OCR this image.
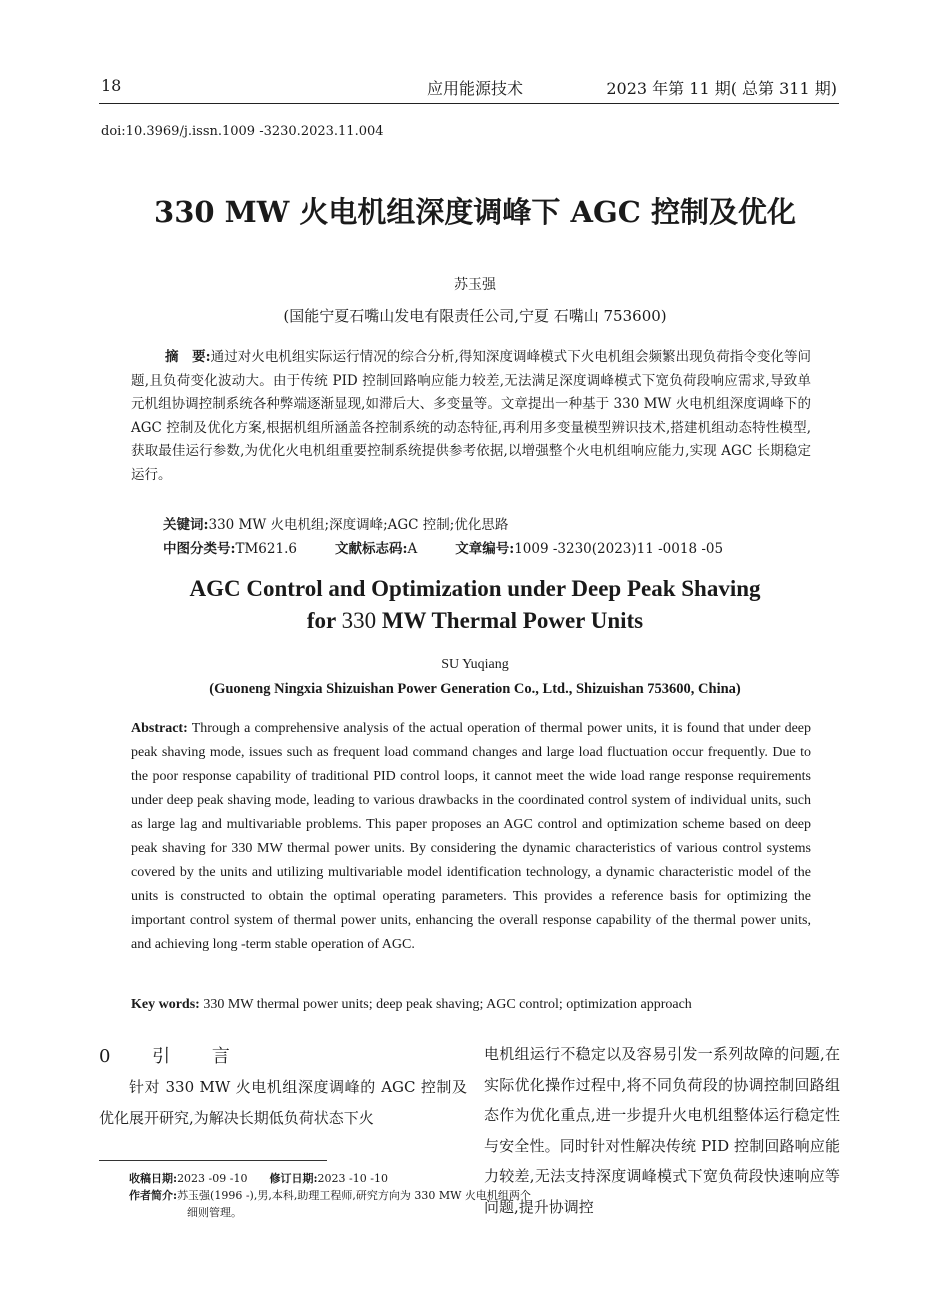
18	应用能源技术	2023 年第 11 期( 总第 311 期)
doi:10.3969/j.issn.1009 -3230.2023.11.004
330 MW 火电机组深度调峰下 AGC 控制及优化
苏玉强
(国能宁夏石嘴山发电有限责任公司,宁夏 石嘴山 753600)
摘　要:通过对火电机组实际运行情况的综合分析,得知深度调峰模式下火电机组会频繁出现负荷指令变化等问题,且负荷变化波动大。由于传统 PID 控制回路响应能力较差,无法满足深度调峰模式下宽负荷段响应需求,导致单元机组协调控制系统各种弊端逐渐显现,如滞后大、多变量等。文章提出一种基于 330 MW 火电机组深度调峰下的 AGC 控制及优化方案,根据机组所涵盖各控制系统的动态特征,再利用多变量模型辨识技术,搭建机组动态特性模型,获取最佳运行参数,为优化火电机组重要控制系统提供参考依据,以增强整个火电机组响应能力,实现 AGC 长期稳定运行。
关键词:330 MW 火电机组;深度调峰;AGC 控制;优化思路
中图分类号:TM621.6	文献标志码:A	文章编号:1009 -3230(2023)11 -0018 -05
AGC Control and Optimization under Deep Peak Shaving
for 330 MW Thermal Power Units
SU Yuqiang
(Guoneng Ningxia Shizuishan Power Generation Co., Ltd., Shizuishan 753600, China)
Abstract: Through a comprehensive analysis of the actual operation of thermal power units, it is found that under deep peak shaving mode, issues such as frequent load command changes and large load fluctuation occur frequently. Due to the poor response capability of traditional PID control loops, it cannot meet the wide load range response requirements under deep peak shaving mode, leading to various drawbacks in the coordinated control system of individual units, such as large lag and multivariable problems. This paper proposes an AGC control and optimization scheme based on deep peak shaving for 330 MW thermal power units. By considering the dynamic characteristics of various control systems covered by the units and utilizing multivariable model identification technology, a dynamic characteristic model of the units is constructed to obtain the optimal operating parameters. This provides a reference basis for optimizing the important control system of thermal power units, enhancing the overall response capability of the thermal power units, and achieving long -term stable operation of AGC.
Key words: 330 MW thermal power units; deep peak shaving; AGC control; optimization approach
0 引 言
针对 330 MW 火电机组深度调峰的 AGC 控制及优化展开研究,为解决长期低负荷状态下火
电机组运行不稳定以及容易引发一系列故障的问题,在实际优化操作过程中,将不同负荷段的协调控制回路组态作为优化重点,进一步提升火电机组整体运行稳定性与安全性。同时针对性解决传统 PID 控制回路响应能力较差,无法支持深度调峰模式下宽负荷段快速响应等问题,提升协调控
收稿日期:2023 -09 -10 修订日期:2023 -10 -10
作者简介:苏玉强(1996 -),男,本科,助理工程师,研究方向为 330 MW 火电机组两个细则管理。
